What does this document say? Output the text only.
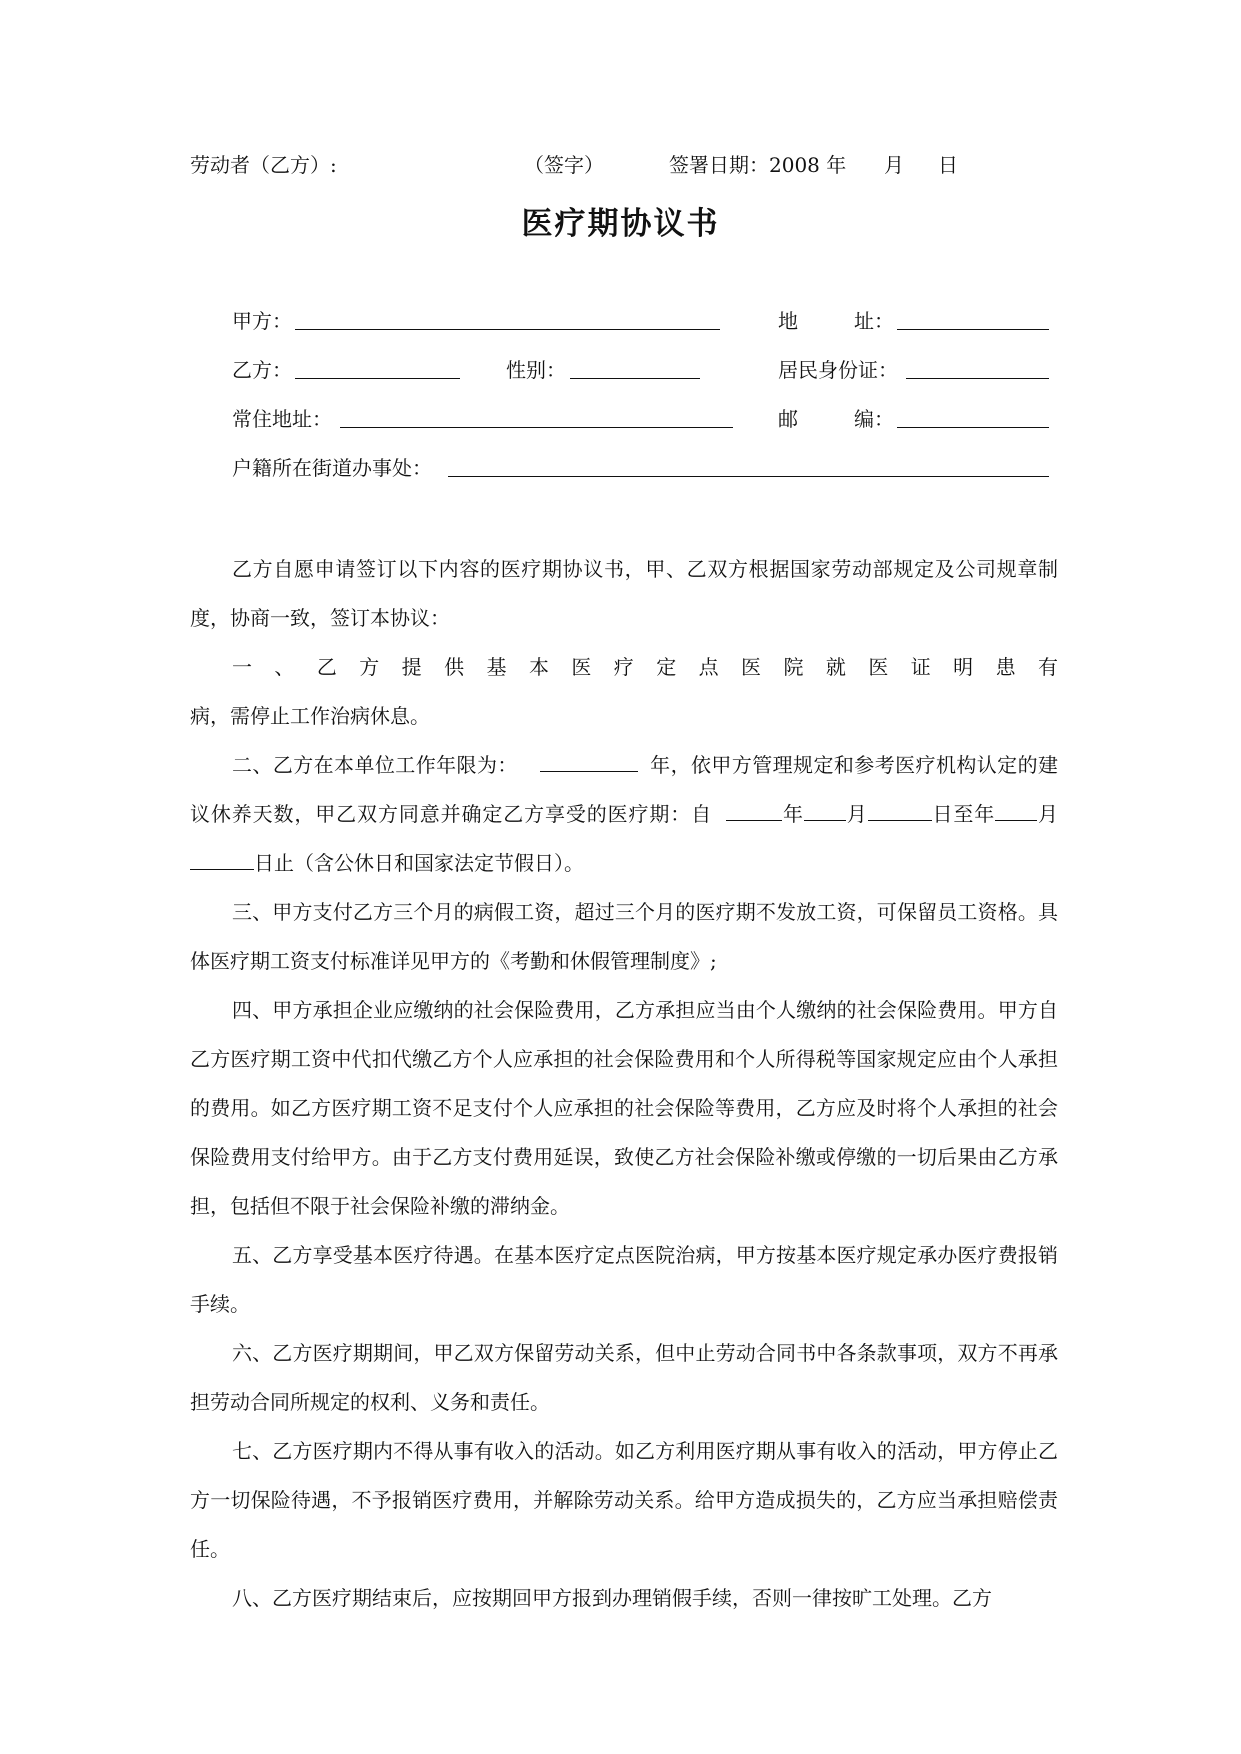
劳动者（乙方）:	（签字）	签署日期：2008 年 月 日
医疗期协议书
甲方：	地	址：
乙方：	性别：	居民身份证：
常住地址：	邮	编：
户籍所在街道办事处：

乙方自愿申请签订以下内容的医疗期协议书，甲、乙双方根据国家劳动部规定及公司规章制度，协商一致，签订本协议：

一、乙方提供基本医疗定点医院就医证明患有

病，需停止工作治病休息。

二、乙方在本单位工作年限为：	年，依甲方管理规定和参考医疗机构认定的建议休养天数，甲乙双方同意并确定乙方享受的医疗期：自	年 月	日至年 月日止（含公休日和国家法定节假日）。

三、甲方支付乙方三个月的病假工资，超过三个月的医疗期不发放工资，可保留员工资格。具体医疗期工资支付标准详见甲方的《考勤和休假管理制度》;

四、甲方承担企业应缴纳的社会保险费用，乙方承担应当由个人缴纳的社会保险费用。甲方自乙方医疗期工资中代扣代缴乙方个人应承担的社会保险费用和个人所得税等国家规定应由个人承担的费用。如乙方医疗期工资不足支付个人应承担的社会保险等费用，乙方应及时将个人承担的社会保险费用支付给甲方。由于乙方支付费用延误，致使乙方社会保险补缴或停缴的一切后果由乙方承担，包括但不限于社会保险补缴的滞纳金。

五、乙方享受基本医疗待遇。在基本医疗定点医院治病，甲方按基本医疗规定承办医疗费报销手续。

六、乙方医疗期期间，甲乙双方保留劳动关系，但中止劳动合同书中各条款事项，双方不再承担劳动合同所规定的权利、义务和责任。

七、乙方医疗期内不得从事有收入的活动。如乙方利用医疗期从事有收入的活动，甲方停止乙方一切保险待遇，不予报销医疗费用，并解除劳动关系。给甲方造成损失的，乙方应当承担赔偿责任。

八、乙方医疗期结束后，应按期回甲方报到办理销假手续，否则一律按旷工处理。乙方
